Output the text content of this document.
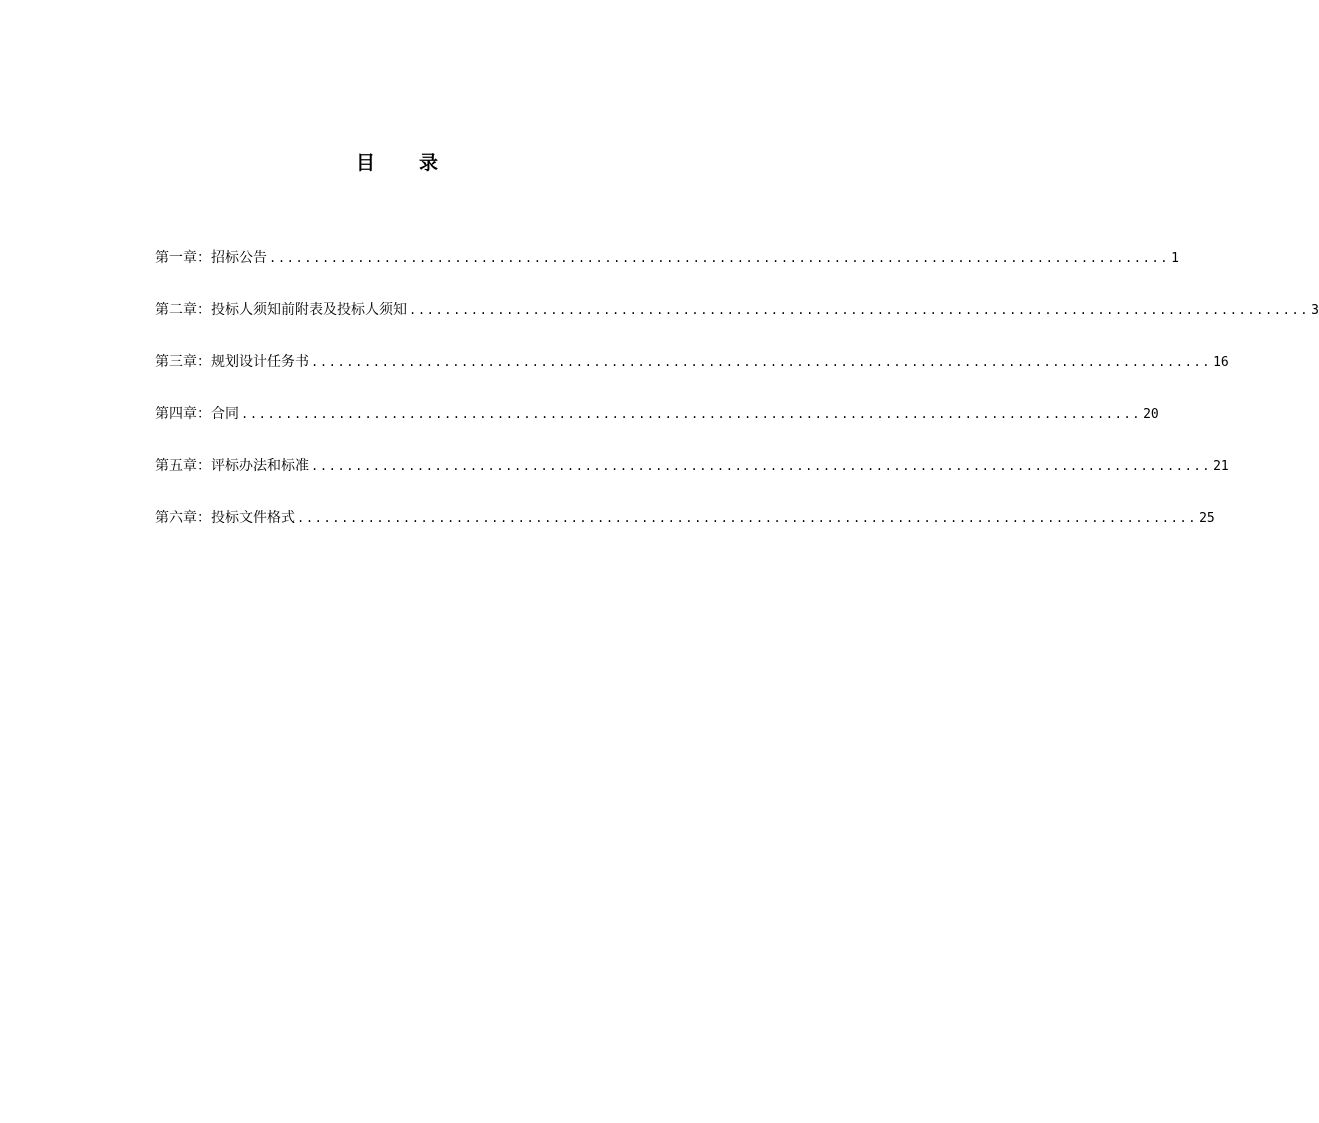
目 录
第一章：招标公告 ...................................................................................................... 1
第二章：投标人须知前附表及投标人须知 ...................................................................................................... 3
第三章：规划设计任务书 ...................................................................................................... 16
第四章：合同 ...................................................................................................... 20
第五章：评标办法和标准 ...................................................................................................... 21
第六章：投标文件格式 ...................................................................................................... 25
